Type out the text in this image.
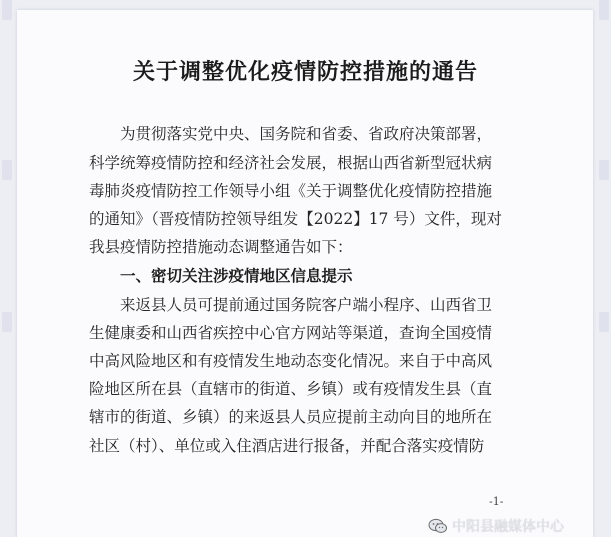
关于调整优化疫情防控措施的通告
为贯彻落实党中央、国务院和省委、省政府决策部署，
科学统筹疫情防控和经济社会发展，根据山西省新型冠状病
毒肺炎疫情防控工作领导小组《关于调整优化疫情防控措施
的通知》（晋疫情防控领导组发【2022】17 号）文件，现对
我县疫情防控措施动态调整通告如下：
一、密切关注涉疫情地区信息提示
来返县人员可提前通过国务院客户端小程序、山西省卫
生健康委和山西省疾控中心官方网站等渠道，查询全国疫情
中高风险地区和有疫情发生地动态变化情况。来自于中高风
险地区所在县（直辖市的街道、乡镇）或有疫情发生县（直
辖市的街道、乡镇）的来返县人员应提前主动向目的地所在
社区（村）、单位或入住酒店进行报备，并配合落实疫情防
-1-
中阳县融媒体中心
